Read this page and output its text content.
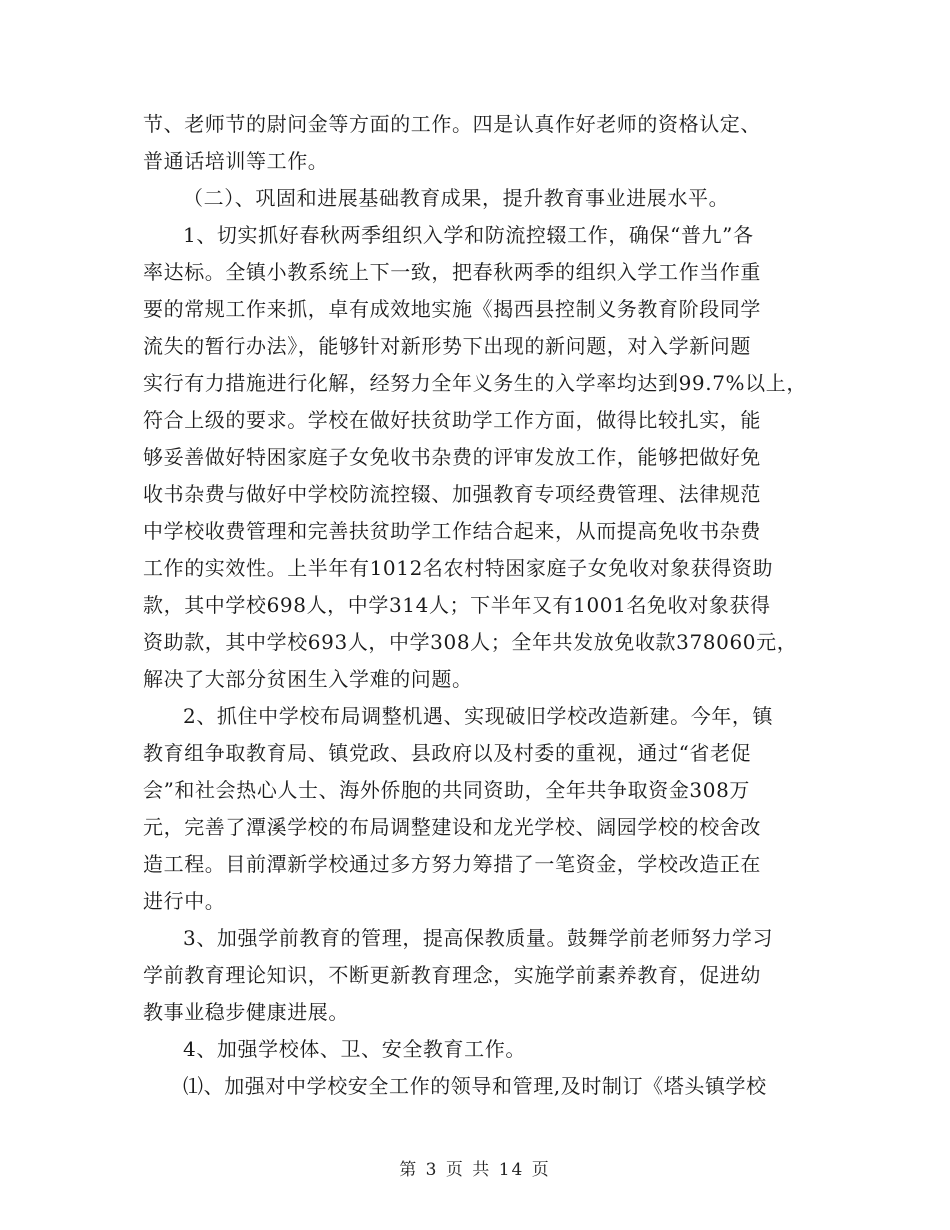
节、老师节的尉问金等方面的工作。四是认真作好老师的资格认定、
普通话培训等工作。
（二）、巩固和进展基础教育成果，提升教育事业进展水平。
1、切实抓好春秋两季组织入学和防流控辍工作，确保“普九”各
率达标。全镇小教系统上下一致，把春秋两季的组织入学工作当作重
要的常规工作来抓，卓有成效地实施《揭西县控制义务教育阶段同学
流失的暂行办法》，能够针对新形势下出现的新问题，对入学新问题
实行有力措施进行化解，经努力全年义务生的入学率均达到99.7%以上，
符合上级的要求。学校在做好扶贫助学工作方面，做得比较扎实，能
够妥善做好特困家庭子女免收书杂费的评审发放工作，能够把做好免
收书杂费与做好中学校防流控辍、加强教育专项经费管理、法律规范
中学校收费管理和完善扶贫助学工作结合起来，从而提高免收书杂费
工作的实效性。上半年有1012名农村特困家庭子女免收对象获得资助
款，其中学校698人，中学314人；下半年又有1001名免收对象获得
资助款，其中学校693人，中学308人；全年共发放免收款378060元，
解决了大部分贫困生入学难的问题。
2、抓住中学校布局调整机遇、实现破旧学校改造新建。今年，镇
教育组争取教育局、镇党政、县政府以及村委的重视，通过“省老促
会”和社会热心人士、海外侨胞的共同资助，全年共争取资金308万
元，完善了潭溪学校的布局调整建设和龙光学校、阔园学校的校舍改
造工程。目前潭新学校通过多方努力筹措了一笔资金，学校改造正在
进行中。
3、加强学前教育的管理，提高保教质量。鼓舞学前老师努力学习
学前教育理论知识，不断更新教育理念，实施学前素养教育，促进幼
教事业稳步健康进展。
4、加强学校体、卫、安全教育工作。
⑴、加强对中学校安全工作的领导和管理,及时制订《塔头镇学校
第 3 页 共 14 页
